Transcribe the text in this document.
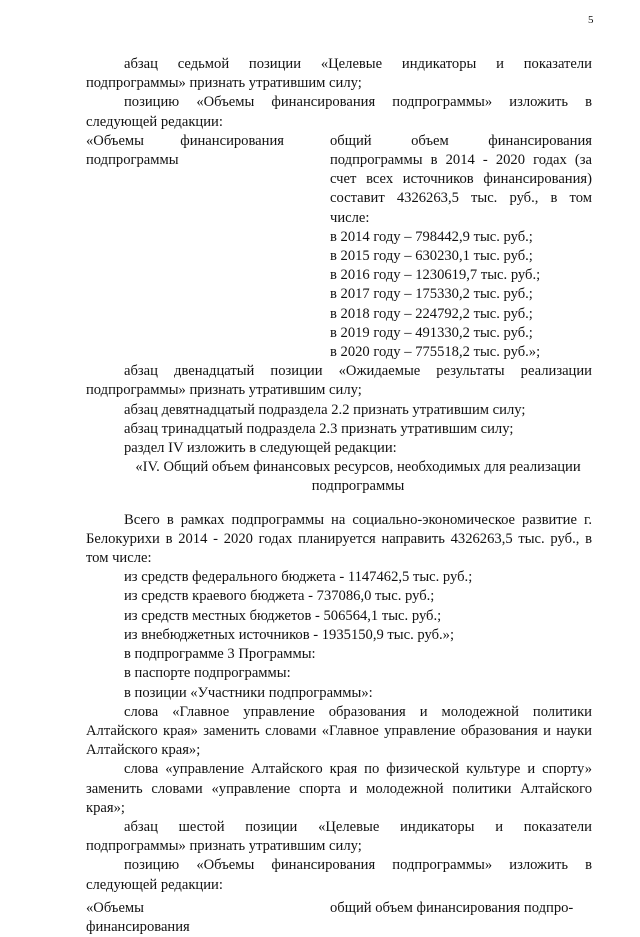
5

абзац седьмой позиции «Целевые индикаторы и показатели подпрограммы» признать утратившим силу;

позицию «Объемы финансирования подпрограммы» изложить в следующей редакции:

«Объемы финансирования подпрограммы

общий объем финансирования подпрограммы в 2014 - 2020 годах (за счет всех источников финансирования) составит 4326263,5 тыс. руб., в том числе:

в 2014 году – 798442,9 тыс. руб.;

в 2015 году – 630230,1 тыс. руб.;

в 2016 году – 1230619,7 тыс. руб.;

в 2017 году – 175330,2 тыс. руб.;

в 2018 году – 224792,2 тыс. руб.;

в 2019 году – 491330,2 тыс. руб.;

в 2020 году – 775518,2 тыс. руб.»;

абзац двенадцатый позиции «Ожидаемые результаты реализации подпрограммы» признать утратившим силу;

абзац девятнадцатый подраздела 2.2 признать утратившим силу;

абзац тринадцатый подраздела 2.3 признать утратившим силу;

раздел IV изложить в следующей редакции:

«IV. Общий объем финансовых ресурсов, необходимых для реализации подпрограммы

Всего в рамках подпрограммы на социально-экономическое развитие г. Белокурихи в 2014 - 2020 годах планируется направить 4326263,5 тыс. руб., в том числе:

из средств федерального бюджета - 1147462,5 тыс. руб.;

из средств краевого бюджета - 737086,0 тыс. руб.;

из средств местных бюджетов - 506564,1 тыс. руб.;

из внебюджетных источников - 1935150,9 тыс. руб.»;

в подпрограмме 3 Программы:

в паспорте подпрограммы:

в позиции «Участники подпрограммы»:

слова «Главное управление образования и молодежной политики Алтайского края» заменить словами «Главное управление образования и науки Алтайского края»;

слова «управление Алтайского края по физической культуре и спорту» заменить словами «управление спорта и молодежной политики Алтайского края»;

абзац шестой позиции «Целевые индикаторы и показатели подпрограммы» признать утратившим силу;

позицию «Объемы финансирования подпрограммы» изложить в следующей редакции:

«Объемы финансирования

общий объем финансирования подпро-
